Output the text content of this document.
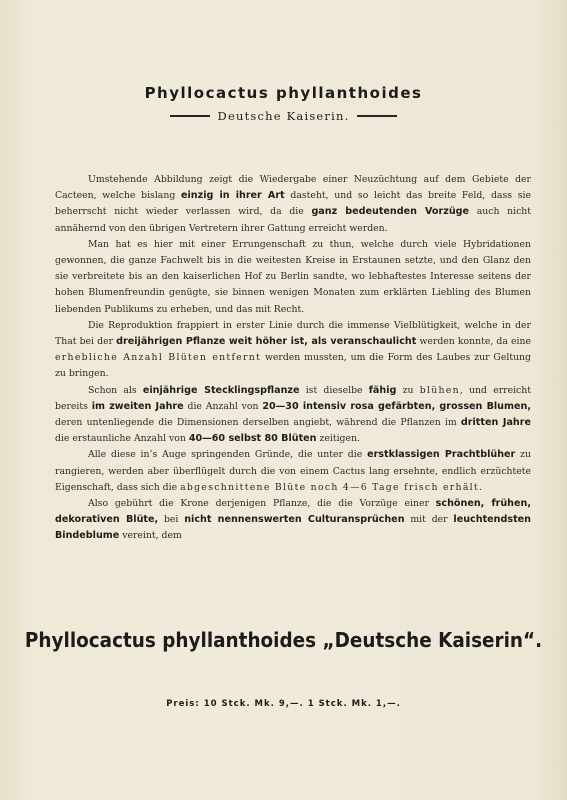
Phyllocactus phyllanthoides
Deutsche Kaiserin.

Umstehende Abbildung zeigt die Wiedergabe einer Neuzüchtung auf dem Gebiete der Cacteen, welche bislang einzig in ihrer Art dasteht, und so leicht das breite Feld, dass sie beherrscht nicht wieder verlassen wird, da die ganz bedeutenden Vorzüge auch nicht annähernd von den übrigen Vertretern ihrer Gattung erreicht werden.

Man hat es hier mit einer Errungenschaft zu thun, welche durch viele Hybridationen gewonnen, die ganze Fachwelt bis in die weitesten Kreise in Erstaunen setzte, und den Glanz den sie verbreitete bis an den kaiserlichen Hof zu Berlin sandte, wo lebhaftestes Interesse seitens der hohen Blumenfreundin genügte, sie binnen wenigen Monaten zum erklärten Liebling des Blumen liebenden Publikums zu erheben, und das mit Recht.

Die Reproduktion frappiert in erster Linie durch die immense Vielblütigkeit, welche in der That bei der dreijährigen Pflanze weit höher ist, als veranschaulicht werden konnte, da eine erhebliche Anzahl Blüten entfernt werden mussten, um die Form des Laubes zur Geltung zu bringen.

Schon als einjährige Stecklingspflanze ist dieselbe fähig zu blühen, und erreicht bereits im zweiten Jahre die Anzahl von 20—30 intensiv rosa gefärbten, grossen Blumen, deren untenliegende die Dimensionen derselben angiebt, während die Pflanzen im dritten Jahre die erstaunliche Anzahl von 40—60 selbst 80 Blüten zeitigen.

Alle diese in’s Auge springenden Gründe, die unter die erstklassigen Prachtblüher zu rangieren, werden aber überflügelt durch die von einem Cactus lang ersehnte, endlich erzüchtete Eigenschaft, dass sich die abgeschnittene Blüte noch 4—6 Tage frisch erhält.

Also gebührt die Krone derjenigen Pflanze, die die Vorzüge einer schönen, frühen, dekorativen Blüte, bei nicht nennenswerten Culturansprüchen mit der leuchtendsten Bindeblume vereint, dem

Phyllocactus phyllanthoides „Deutsche Kaiserin“.
Preis: 10 Stck. Mk. 9,—. 1 Stck. Mk. 1,—.
